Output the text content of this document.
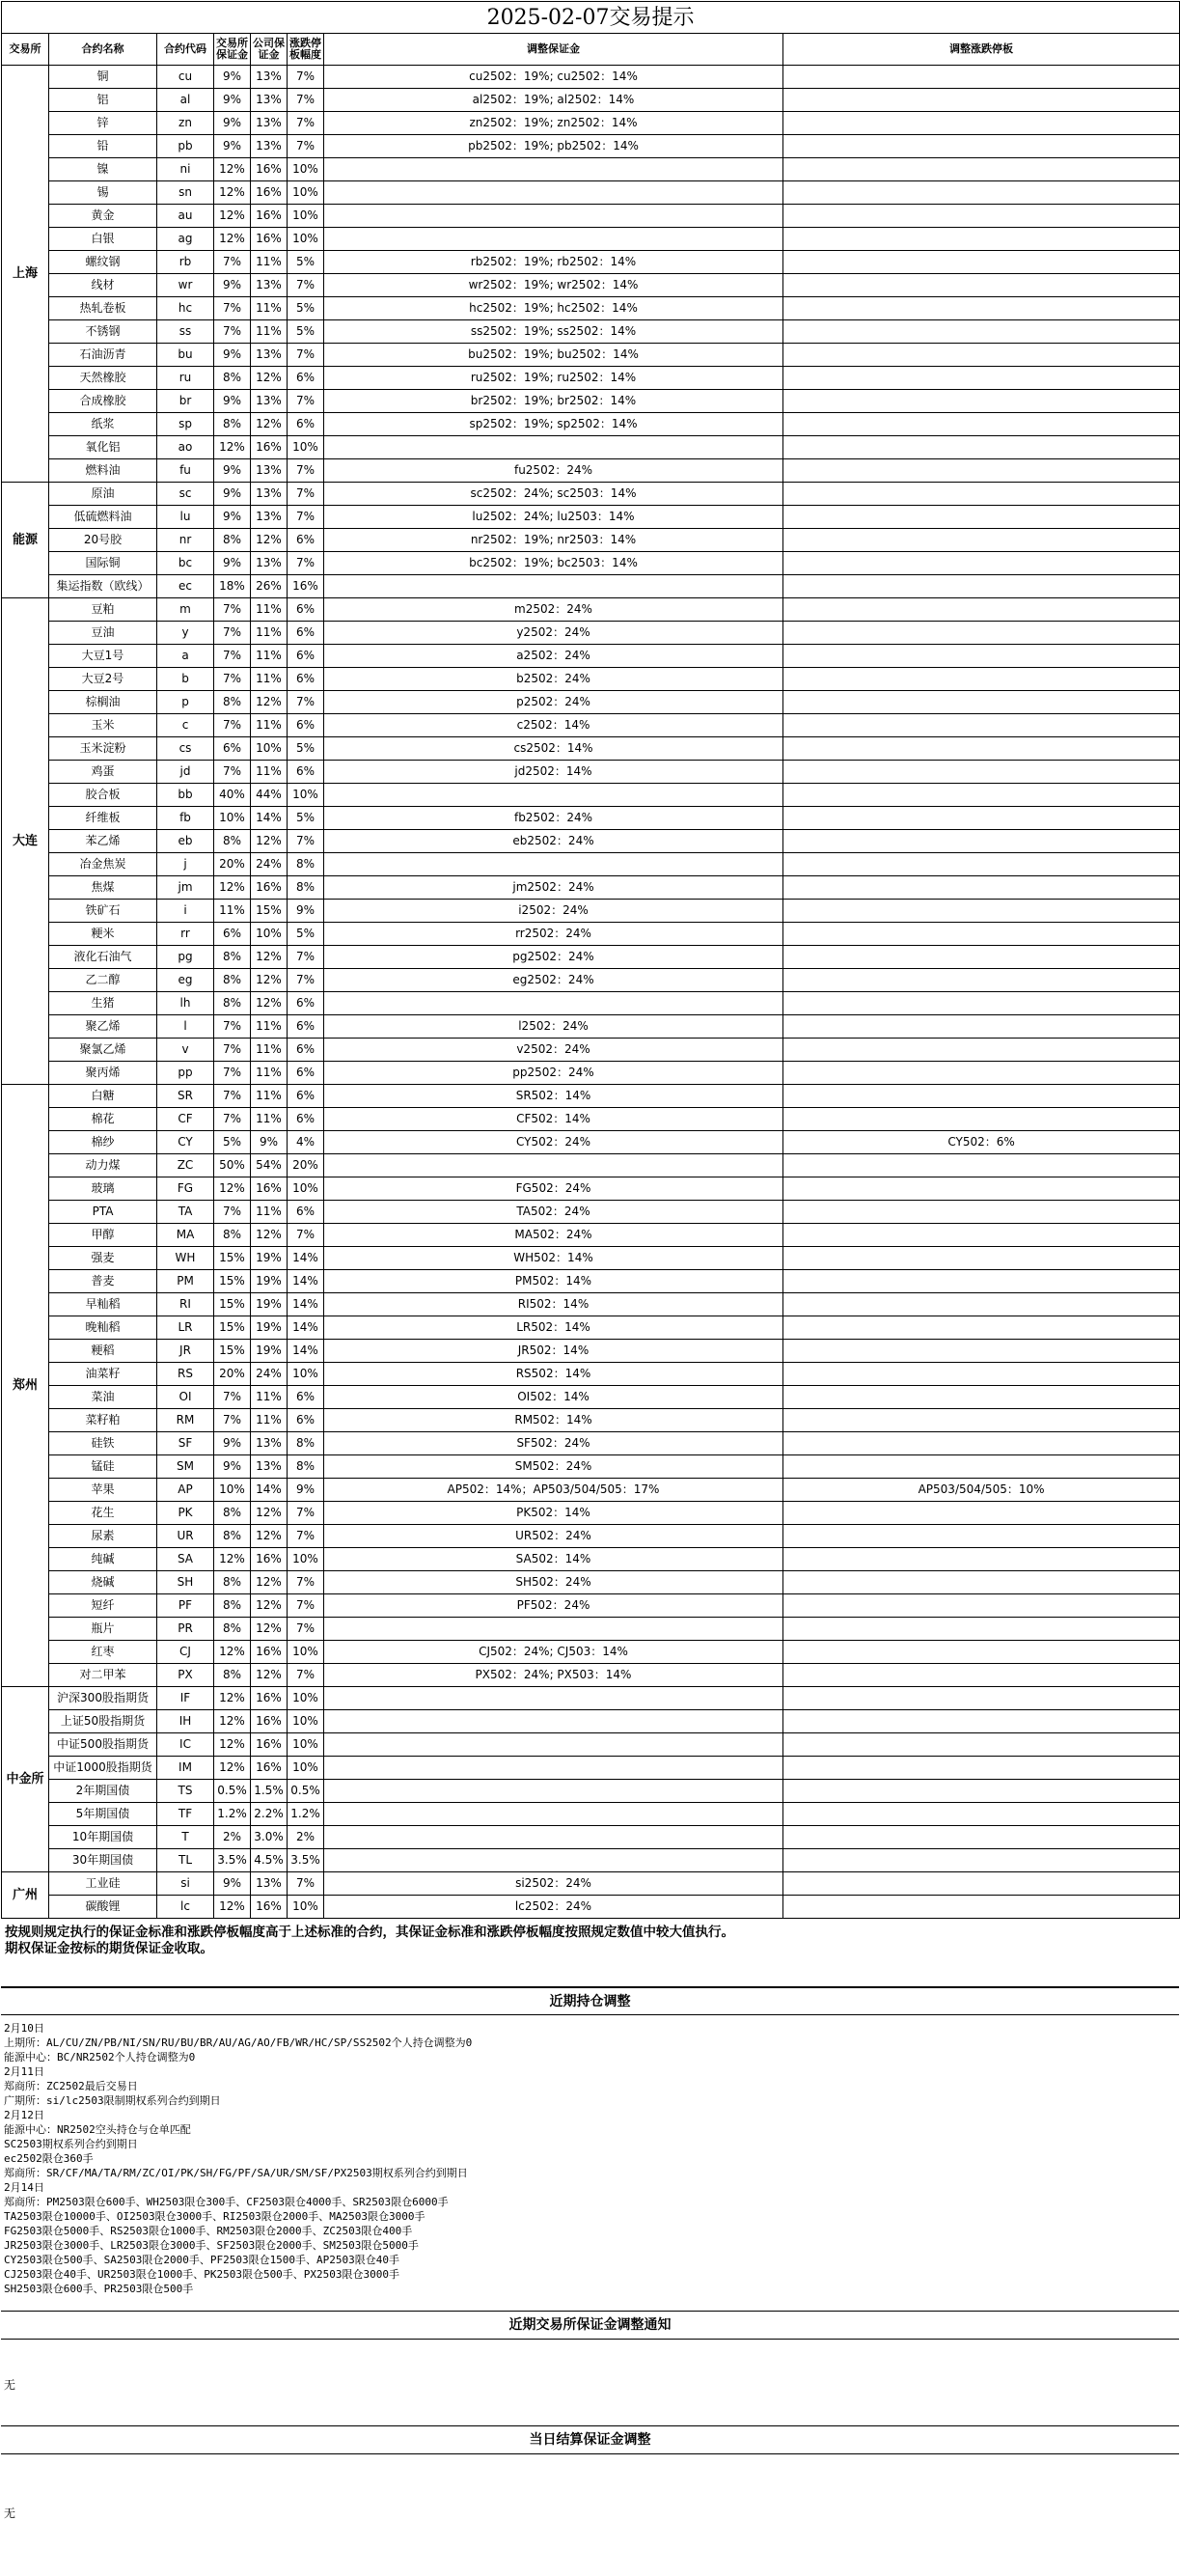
2025-02-07交易提示							
交易所	合约名称	合约代码	交易所保证金	公司保证金	涨跌停板幅度	调整保证金	调整涨跌停板
上海	铜	cu	9%	13%	7%	cu2502：19%; cu2502：14%	
	铝	al	9%	13%	7%	al2502：19%; al2502：14%	
	锌	zn	9%	13%	7%	zn2502：19%; zn2502：14%	
	铅	pb	9%	13%	7%	pb2502：19%; pb2502：14%	
	镍	ni	12%	16%	10%		
	锡	sn	12%	16%	10%		
	黄金	au	12%	16%	10%		
	白银	ag	12%	16%	10%		
	螺纹钢	rb	7%	11%	5%	rb2502：19%; rb2502：14%	
	线材	wr	9%	13%	7%	wr2502：19%; wr2502：14%	
	热轧卷板	hc	7%	11%	5%	hc2502：19%; hc2502：14%	
	不锈钢	ss	7%	11%	5%	ss2502：19%; ss2502：14%	
	石油沥青	bu	9%	13%	7%	bu2502：19%; bu2502：14%	
	天然橡胶	ru	8%	12%	6%	ru2502：19%; ru2502：14%	
	合成橡胶	br	9%	13%	7%	br2502：19%; br2502：14%	
	纸浆	sp	8%	12%	6%	sp2502：19%; sp2502：14%	
	氧化铝	ao	12%	16%	10%		
	燃料油	fu	9%	13%	7%	fu2502：24%	
能源	原油	sc	9%	13%	7%	sc2502：24%; sc2503：14%	
	低硫燃料油	lu	9%	13%	7%	lu2502：24%; lu2503：14%	
	20号胶	nr	8%	12%	6%	nr2502：19%; nr2503：14%	
	国际铜	bc	9%	13%	7%	bc2502：19%; bc2503：14%	
	集运指数（欧线）	ec	18%	26%	16%		
大连	豆粕	m	7%	11%	6%	m2502：24%	
	豆油	y	7%	11%	6%	y2502：24%	
	大豆1号	a	7%	11%	6%	a2502：24%	
	大豆2号	b	7%	11%	6%	b2502：24%	
	棕榈油	p	8%	12%	7%	p2502：24%	
	玉米	c	7%	11%	6%	c2502：14%	
	玉米淀粉	cs	6%	10%	5%	cs2502：14%	
	鸡蛋	jd	7%	11%	6%	jd2502：14%	
	胶合板	bb	40%	44%	10%		
	纤维板	fb	10%	14%	5%	fb2502：24%	
	苯乙烯	eb	8%	12%	7%	eb2502：24%	
	冶金焦炭	j	20%	24%	8%		
	焦煤	jm	12%	16%	8%	jm2502：24%	
	铁矿石	i	11%	15%	9%	i2502：24%	
	粳米	rr	6%	10%	5%	rr2502：24%	
	液化石油气	pg	8%	12%	7%	pg2502：24%	
	乙二醇	eg	8%	12%	7%	eg2502：24%	
	生猪	lh	8%	12%	6%		
	聚乙烯	l	7%	11%	6%	l2502：24%	
	聚氯乙烯	v	7%	11%	6%	v2502：24%	
	聚丙烯	pp	7%	11%	6%	pp2502：24%	
郑州	白糖	SR	7%	11%	6%	SR502：14%	
	棉花	CF	7%	11%	6%	CF502：14%	
	棉纱	CY	5%	9%	4%	CY502：24%	CY502：6%
	动力煤	ZC	50%	54%	20%		
	玻璃	FG	12%	16%	10%	FG502：24%	
	PTA	TA	7%	11%	6%	TA502：24%	
	甲醇	MA	8%	12%	7%	MA502：24%	
	强麦	WH	15%	19%	14%	WH502：14%	
	普麦	PM	15%	19%	14%	PM502：14%	
	早籼稻	RI	15%	19%	14%	RI502：14%	
	晚籼稻	LR	15%	19%	14%	LR502：14%	
	粳稻	JR	15%	19%	14%	JR502：14%	
	油菜籽	RS	20%	24%	10%	RS502：14%	
	菜油	OI	7%	11%	6%	OI502：14%	
	菜籽粕	RM	7%	11%	6%	RM502：14%	
	硅铁	SF	9%	13%	8%	SF502：24%	
	锰硅	SM	9%	13%	8%	SM502：24%	
	苹果	AP	10%	14%	9%	AP502：14%；AP503/504/505：17%	AP503/504/505：10%
	花生	PK	8%	12%	7%	PK502：14%	
	尿素	UR	8%	12%	7%	UR502：24%	
	纯碱	SA	12%	16%	10%	SA502：14%	
	烧碱	SH	8%	12%	7%	SH502：24%	
	短纤	PF	8%	12%	7%	PF502：24%	
	瓶片	PR	8%	12%	7%		
	红枣	CJ	12%	16%	10%	CJ502：24%; CJ503：14%	
	对二甲苯	PX	8%	12%	7%	PX502：24%; PX503：14%	
中金所	沪深300股指期货	IF	12%	16%	10%		
	上证50股指期货	IH	12%	16%	10%		
	中证500股指期货	IC	12%	16%	10%		
	中证1000股指期货	IM	12%	16%	10%		
	2年期国债	TS	0.5%	1.5%	0.5%		
	5年期国债	TF	1.2%	2.2%	1.2%		
	10年期国债	T	2%	3.0%	2%		
	30年期国债	TL	3.5%	4.5%	3.5%		
广州	工业硅	si	9%	13%	7%	si2502：24%	
	碳酸锂	lc	12%	16%	10%	lc2502：24%	
按规则规定执行的保证金标准和涨跌停板幅度高于上述标准的合约，其保证金标准和涨跌停板幅度按照规定数值中较大值执行。
期权保证金按标的期货保证金收取。
近期持仓调整
2月10日
上期所：AL/CU/ZN/PB/NI/SN/RU/BU/BR/AU/AG/AO/FB/WR/HC/SP/SS2502个人持仓调整为0
能源中心：BC/NR2502个人持仓调整为0
2月11日
郑商所：ZC2502最后交易日
广期所：si/lc2503限制期权系列合约到期日
2月12日
能源中心：NR2502空头持仓与仓单匹配
SC2503期权系列合约到期日
ec2502限仓360手
郑商所：SR/CF/MA/TA/RM/ZC/OI/PK/SH/FG/PF/SA/UR/SM/SF/PX2503期权系列合约到期日
2月14日
郑商所：PM2503限仓600手、WH2503限仓300手、CF2503限仓4000手、SR2503限仓6000手
TA2503限仓10000手、OI2503限仓3000手、RI2503限仓2000手、MA2503限仓3000手
FG2503限仓5000手、RS2503限仓1000手、RM2503限仓2000手、ZC2503限仓400手
JR2503限仓3000手、LR2503限仓3000手、SF2503限仓2000手、SM2503限仓5000手
CY2503限仓500手、SA2503限仓2000手、PF2503限仓1500手、AP2503限仓40手
CJ2503限仓40手、UR2503限仓1000手、PK2503限仓500手、PX2503限仓3000手
SH2503限仓600手、PR2503限仓500手
近期交易所保证金调整通知
无
当日结算保证金调整
无
